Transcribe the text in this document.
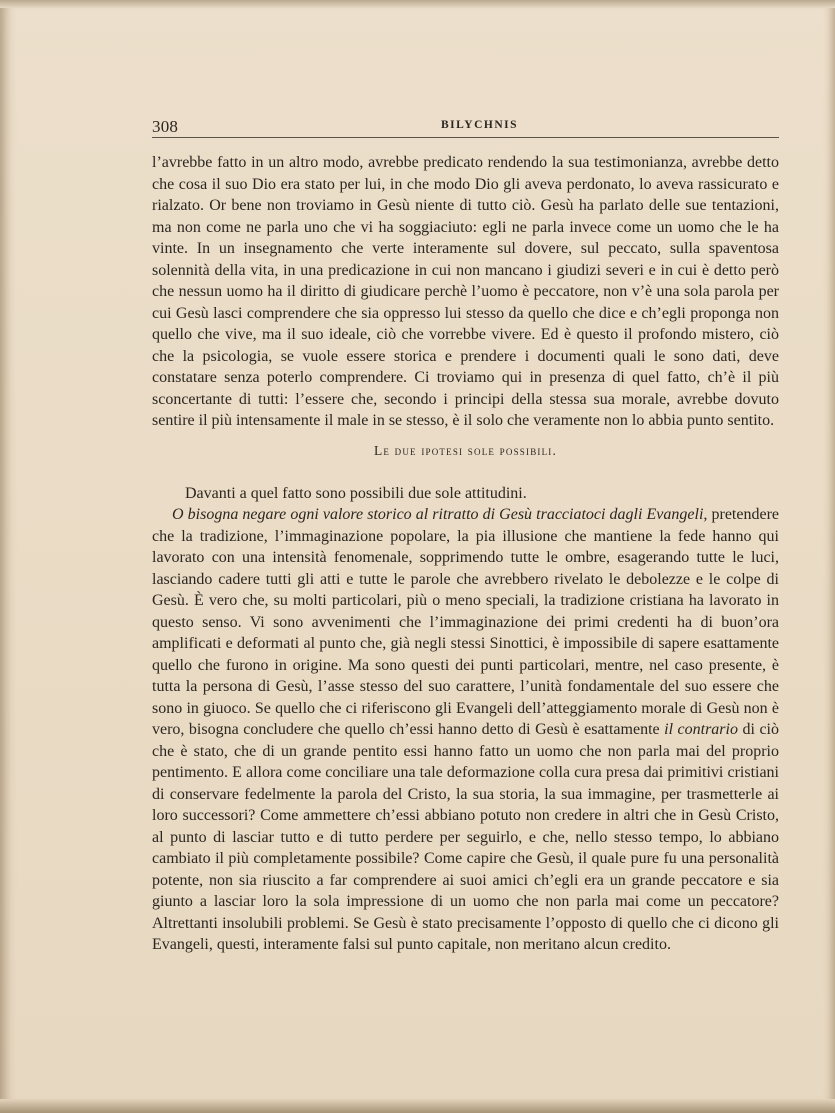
308	BILYCHNIS

l’avrebbe fatto in un altro modo, avrebbe predicato rendendo la sua testimonianza, avrebbe detto che cosa il suo Dio era stato per lui, in che modo Dio gli aveva perdonato, lo aveva rassicurato e rialzato. Or bene non troviamo in Gesù niente di tutto ciò. Gesù ha parlato delle sue tentazioni, ma non come ne parla uno che vi ha soggiaciuto: egli ne parla invece come un uomo che le ha vinte. In un insegnamento che verte interamente sul dovere, sul peccato, sulla spaventosa solennità della vita, in una predicazione in cui non mancano i giudizi severi e in cui è detto però che nessun uomo ha il diritto di giudicare perchè l’uomo è peccatore, non v’è una sola parola per cui Gesù lasci comprendere che sia oppresso lui stesso da quello che dice e ch’egli proponga non quello che vive, ma il suo ideale, ciò che vorrebbe vivere. Ed è questo il profondo mistero, ciò che la psicologia, se vuole essere storica e prendere i documenti quali le sono dati, deve constatare senza poterlo comprendere. Ci troviamo qui in presenza di quel fatto, ch’è il più sconcertante di tutti: l’essere che, secondo i principi della stessa sua morale, avrebbe dovuto sentire il più intensamente il male in se stesso, è il solo che veramente non lo abbia punto sentito.

Le due ipotesi sole possibili.

Davanti a quel fatto sono possibili due sole attitudini.

O bisogna negare ogni valore storico al ritratto di Gesù tracciatoci dagli Evangeli, pretendere che la tradizione, l’immaginazione popolare, la pia illusione che mantiene la fede hanno qui lavorato con una intensità fenomenale, sopprimendo tutte le ombre, esagerando tutte le luci, lasciando cadere tutti gli atti e tutte le parole che avrebbero rivelato le debolezze e le colpe di Gesù. È vero che, su molti particolari, più o meno speciali, la tradizione cristiana ha lavorato in questo senso. Vi sono avvenimenti che l’immaginazione dei primi credenti ha di buon’ora amplificati e deformati al punto che, già negli stessi Sinottici, è impossibile di sapere esattamente quello che furono in origine. Ma sono questi dei punti particolari, mentre, nel caso presente, è tutta la persona di Gesù, l’asse stesso del suo carattere, l’unità fondamentale del suo essere che sono in giuoco. Se quello che ci riferiscono gli Evangeli dell’atteggiamento morale di Gesù non è vero, bisogna concludere che quello ch’essi hanno detto di Gesù è esattamente il contrario di ciò che è stato, che di un grande pentito essi hanno fatto un uomo che non parla mai del proprio pentimento. E allora come conciliare una tale deformazione colla cura presa dai primitivi cristiani di conservare fedelmente la parola del Cristo, la sua storia, la sua immagine, per trasmetterle ai loro successori? Come ammettere ch’essi abbiano potuto non credere in altri che in Gesù Cristo, al punto di lasciar tutto e di tutto perdere per seguirlo, e che, nello stesso tempo, lo abbiano cambiato il più completamente possibile? Come capire che Gesù, il quale pure fu una personalità potente, non sia riuscito a far comprendere ai suoi amici ch’egli era un grande peccatore e sia giunto a lasciar loro la sola impressione di un uomo che non parla mai come un peccatore? Altrettanti insolubili problemi. Se Gesù è stato precisamente l’opposto di quello che ci dicono gli Evangeli, questi, interamente falsi sul punto capitale, non meritano alcun credito.
